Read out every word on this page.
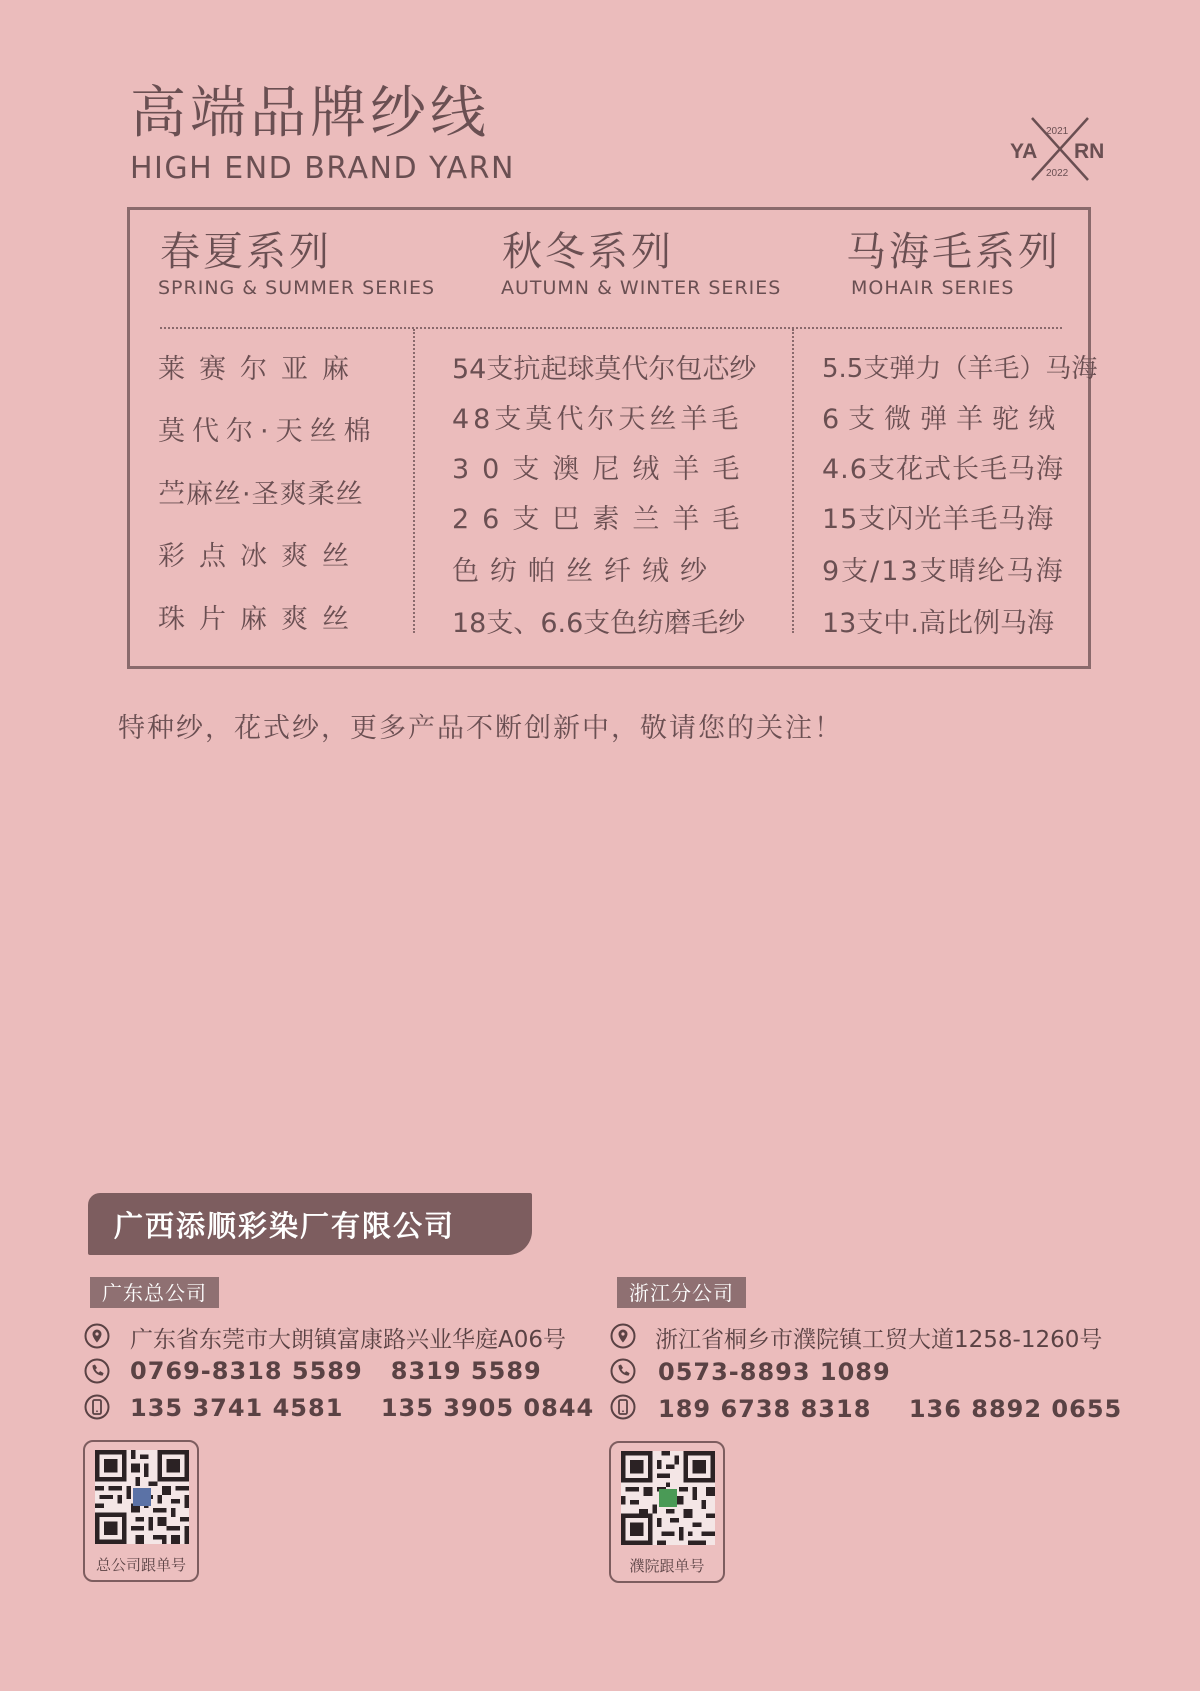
高端品牌纱线
HIGH END BRAND YARN	YA RN
2021
2022
春夏系列
SPRING & SUMMER SERIES
秋冬系列
AUTUMN & WINTER SERIES
马海毛系列
MOHAIR SERIES
莱赛尔亚麻
莫代尔·天丝棉
苎麻丝·圣爽柔丝
彩点冰爽丝
珠片麻爽丝
54支抗起球莫代尔包芯纱
48支莫代尔天丝羊毛
30支澳尼绒羊毛
26支巴素兰羊毛
色纺帕丝纤绒纱
18支、6.6支色纺磨毛纱
5.5支弹力（羊毛）马海
6支微弹羊驼绒
4.6支花式长毛马海
15支闪光羊毛马海
9支/13支晴纶马海
13支中.高比例马海
特种纱，花式纱，更多产品不断创新中，敬请您的关注！
广西添顺彩染厂有限公司
广东总公司
广东省东莞市大朗镇富康路兴业华庭A06号
0769-8318 5589   8319 5589
135 3741 4581    135 3905 0844
总公司跟单号
浙江分公司
浙江省桐乡市濮院镇工贸大道1258-1260号
0573-8893 1089
189 6738 8318    136 8892 0655
濮院跟单号
